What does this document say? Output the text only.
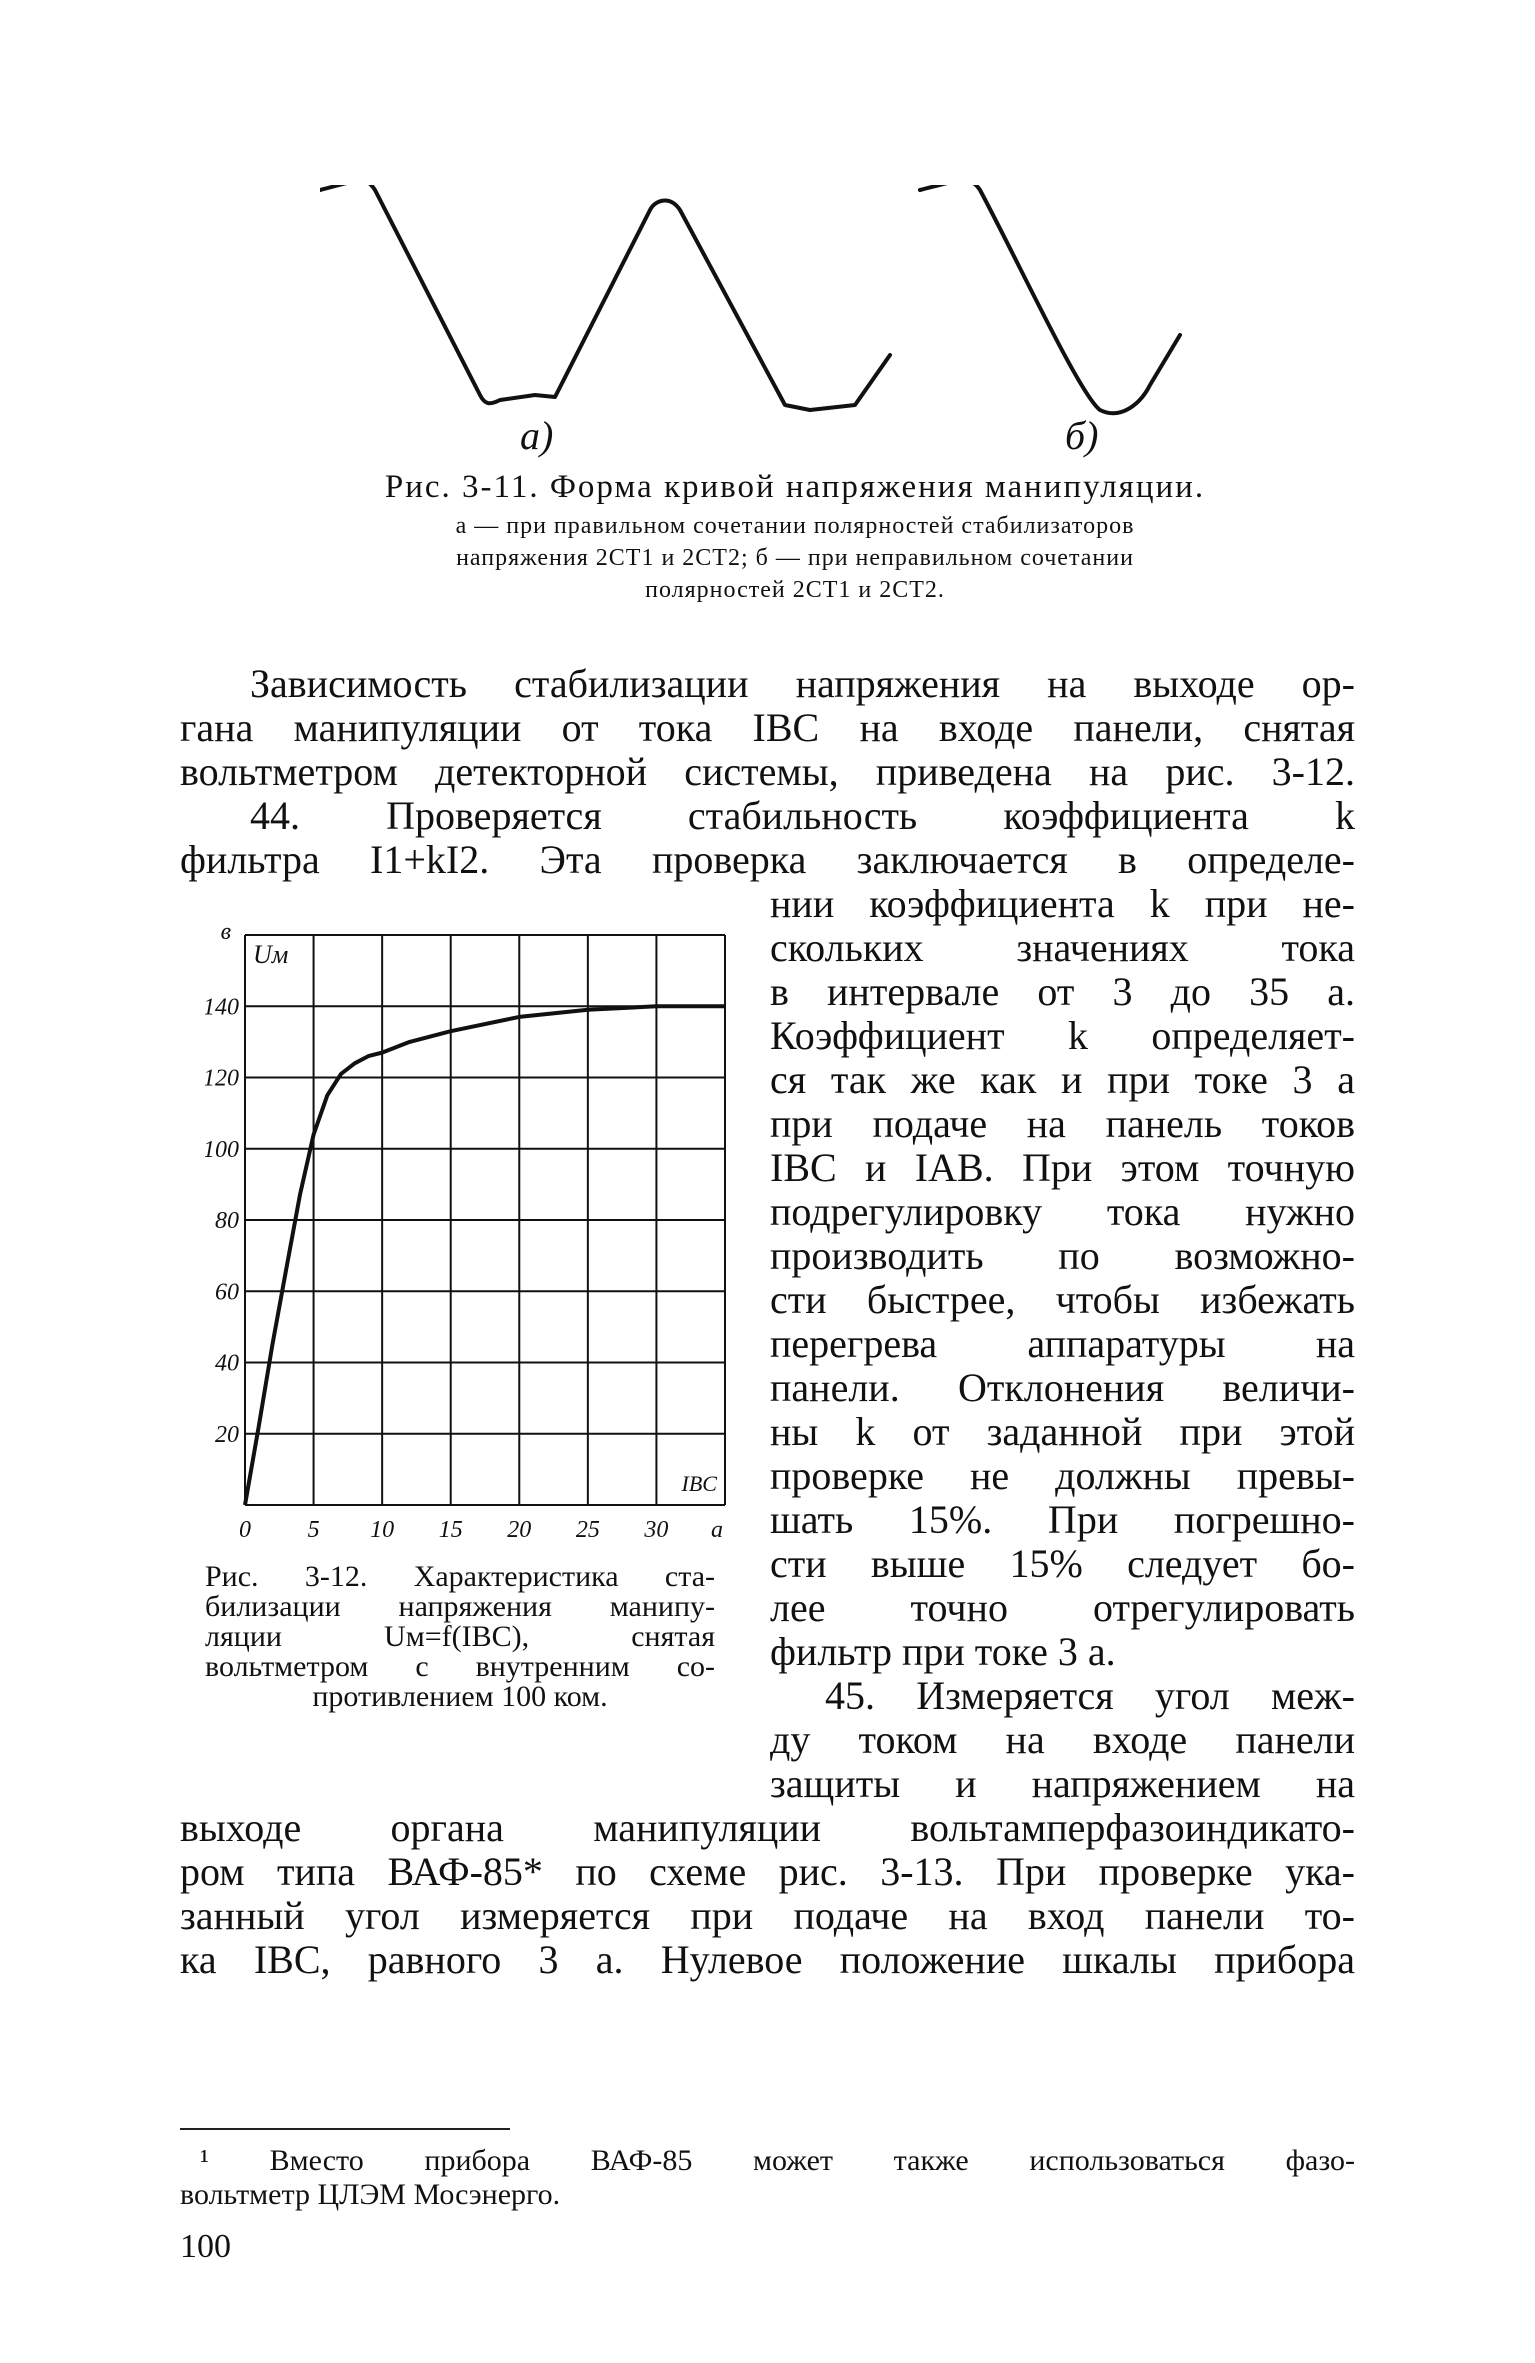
а)	б)
Рис. 3-11. Форма кривой напряжения манипуляции.
а — при правильном сочетании полярностей стабилизаторов
напряжения 2СТ1 и 2СТ2; б — при неправильном сочетании
полярностей 2СТ1 и 2СТ2.
Зависимость стабилизации напряжения на выходе ор-
гана манипуляции от тока IBC на входе панели, снятая
вольтметром детекторной системы, приведена на рис. 3-12.
44. Проверяется стабильность коэффициента k
фильтра I1+kI2. Эта проверка заключается в определе-
нии коэффициента k при не-
скольких значениях тока
в интервале от 3 до 35 а.
Коэффициент k определяет-
ся так же как и при токе 3 а
при подаче на панель токов
IBC и IAB. При этом точную
подрегулировку тока нужно
производить по возможно-
сти быстрее, чтобы избежать
перегрева аппаратуры на
панели. Отклонения величи-
ны k от заданной при этой
проверке не должны превы-
шать 15%. При погрешно-
сти выше 15% следует бо-
лее точно отрегулировать
фильтр при токе 3 а.
45. Измеряется угол меж-
ду током на входе панели
защиты и напряжением на
выходе органа манипуляции вольтамперфазоиндикато-
ром типа ВАФ-85* по схеме рис. 3-13. При проверке ука-
занный угол измеряется при подаче на вход панели то-
ка IBC, равного 3 а. Нулевое положение шкалы прибора
0 5 10 15 20 25 30 а
20
40
60
80
100
120
140
в
Uм
IBC
Рис. 3-12. Характеристика ста-
билизации напряжения манипу-
ляции Uм=f(IBC), снятая
вольтметром с внутренним со-
противлением 100 ком.
¹ Вместо прибора ВАФ-85 может также использоваться фазо-
вольтметр ЦЛЭМ Мосэнерго.
100
